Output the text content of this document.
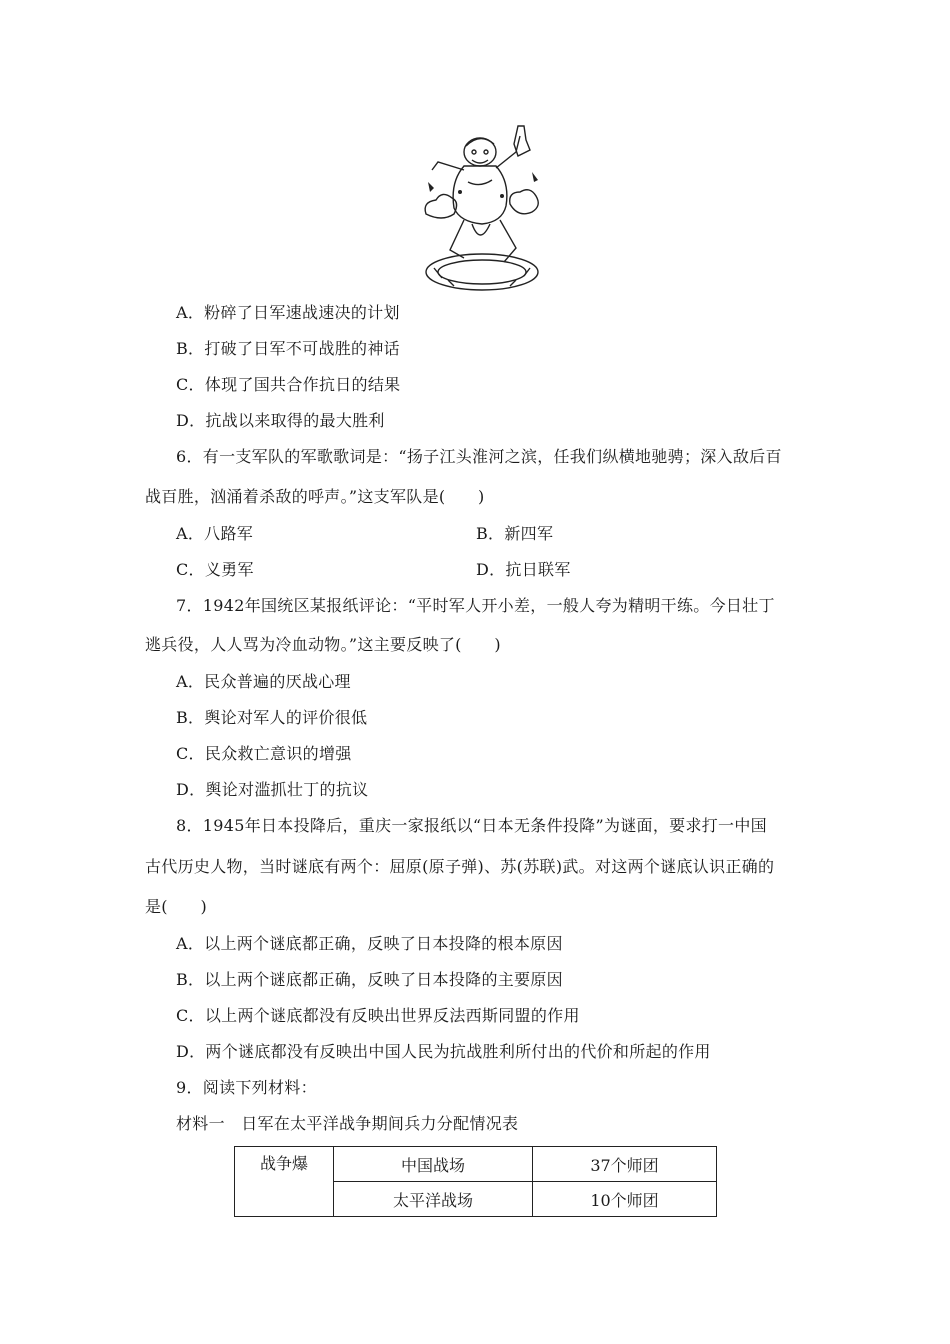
A．粉碎了日军速战速决的计划
B．打破了日军不可战胜的神话
C．体现了国共合作抗日的结果
D．抗战以来取得的最大胜利
6．有一支军队的军歌歌词是：“扬子江头淮河之滨，任我们纵横地驰骋；深入敌后百
战百胜，汹涌着杀敌的呼声。”这支军队是(　　)
A．八路军	B．新四军
C．义勇军	D．抗日联军
7．1942年国统区某报纸评论：“平时军人开小差，一般人夸为精明干练。今日壮丁
逃兵役，人人骂为冷血动物。”这主要反映了(　　)
A．民众普遍的厌战心理
B．舆论对军人的评价很低
C．民众救亡意识的增强
D．舆论对滥抓壮丁的抗议
8．1945年日本投降后，重庆一家报纸以“日本无条件投降”为谜面，要求打一中国
古代历史人物，当时谜底有两个：屈原(原子弹)、苏(苏联)武。对这两个谜底认识正确的
是(　　)
A．以上两个谜底都正确，反映了日本投降的根本原因
B．以上两个谜底都正确，反映了日本投降的主要原因
C．以上两个谜底都没有反映出世界反法西斯同盟的作用
D．两个谜底都没有反映出中国人民为抗战胜利所付出的代价和所起的作用
9．阅读下列材料：
材料一　日军在太平洋战争期间兵力分配情况表
战争爆	中国战场	37个师团
	太平洋战场	10个师团
